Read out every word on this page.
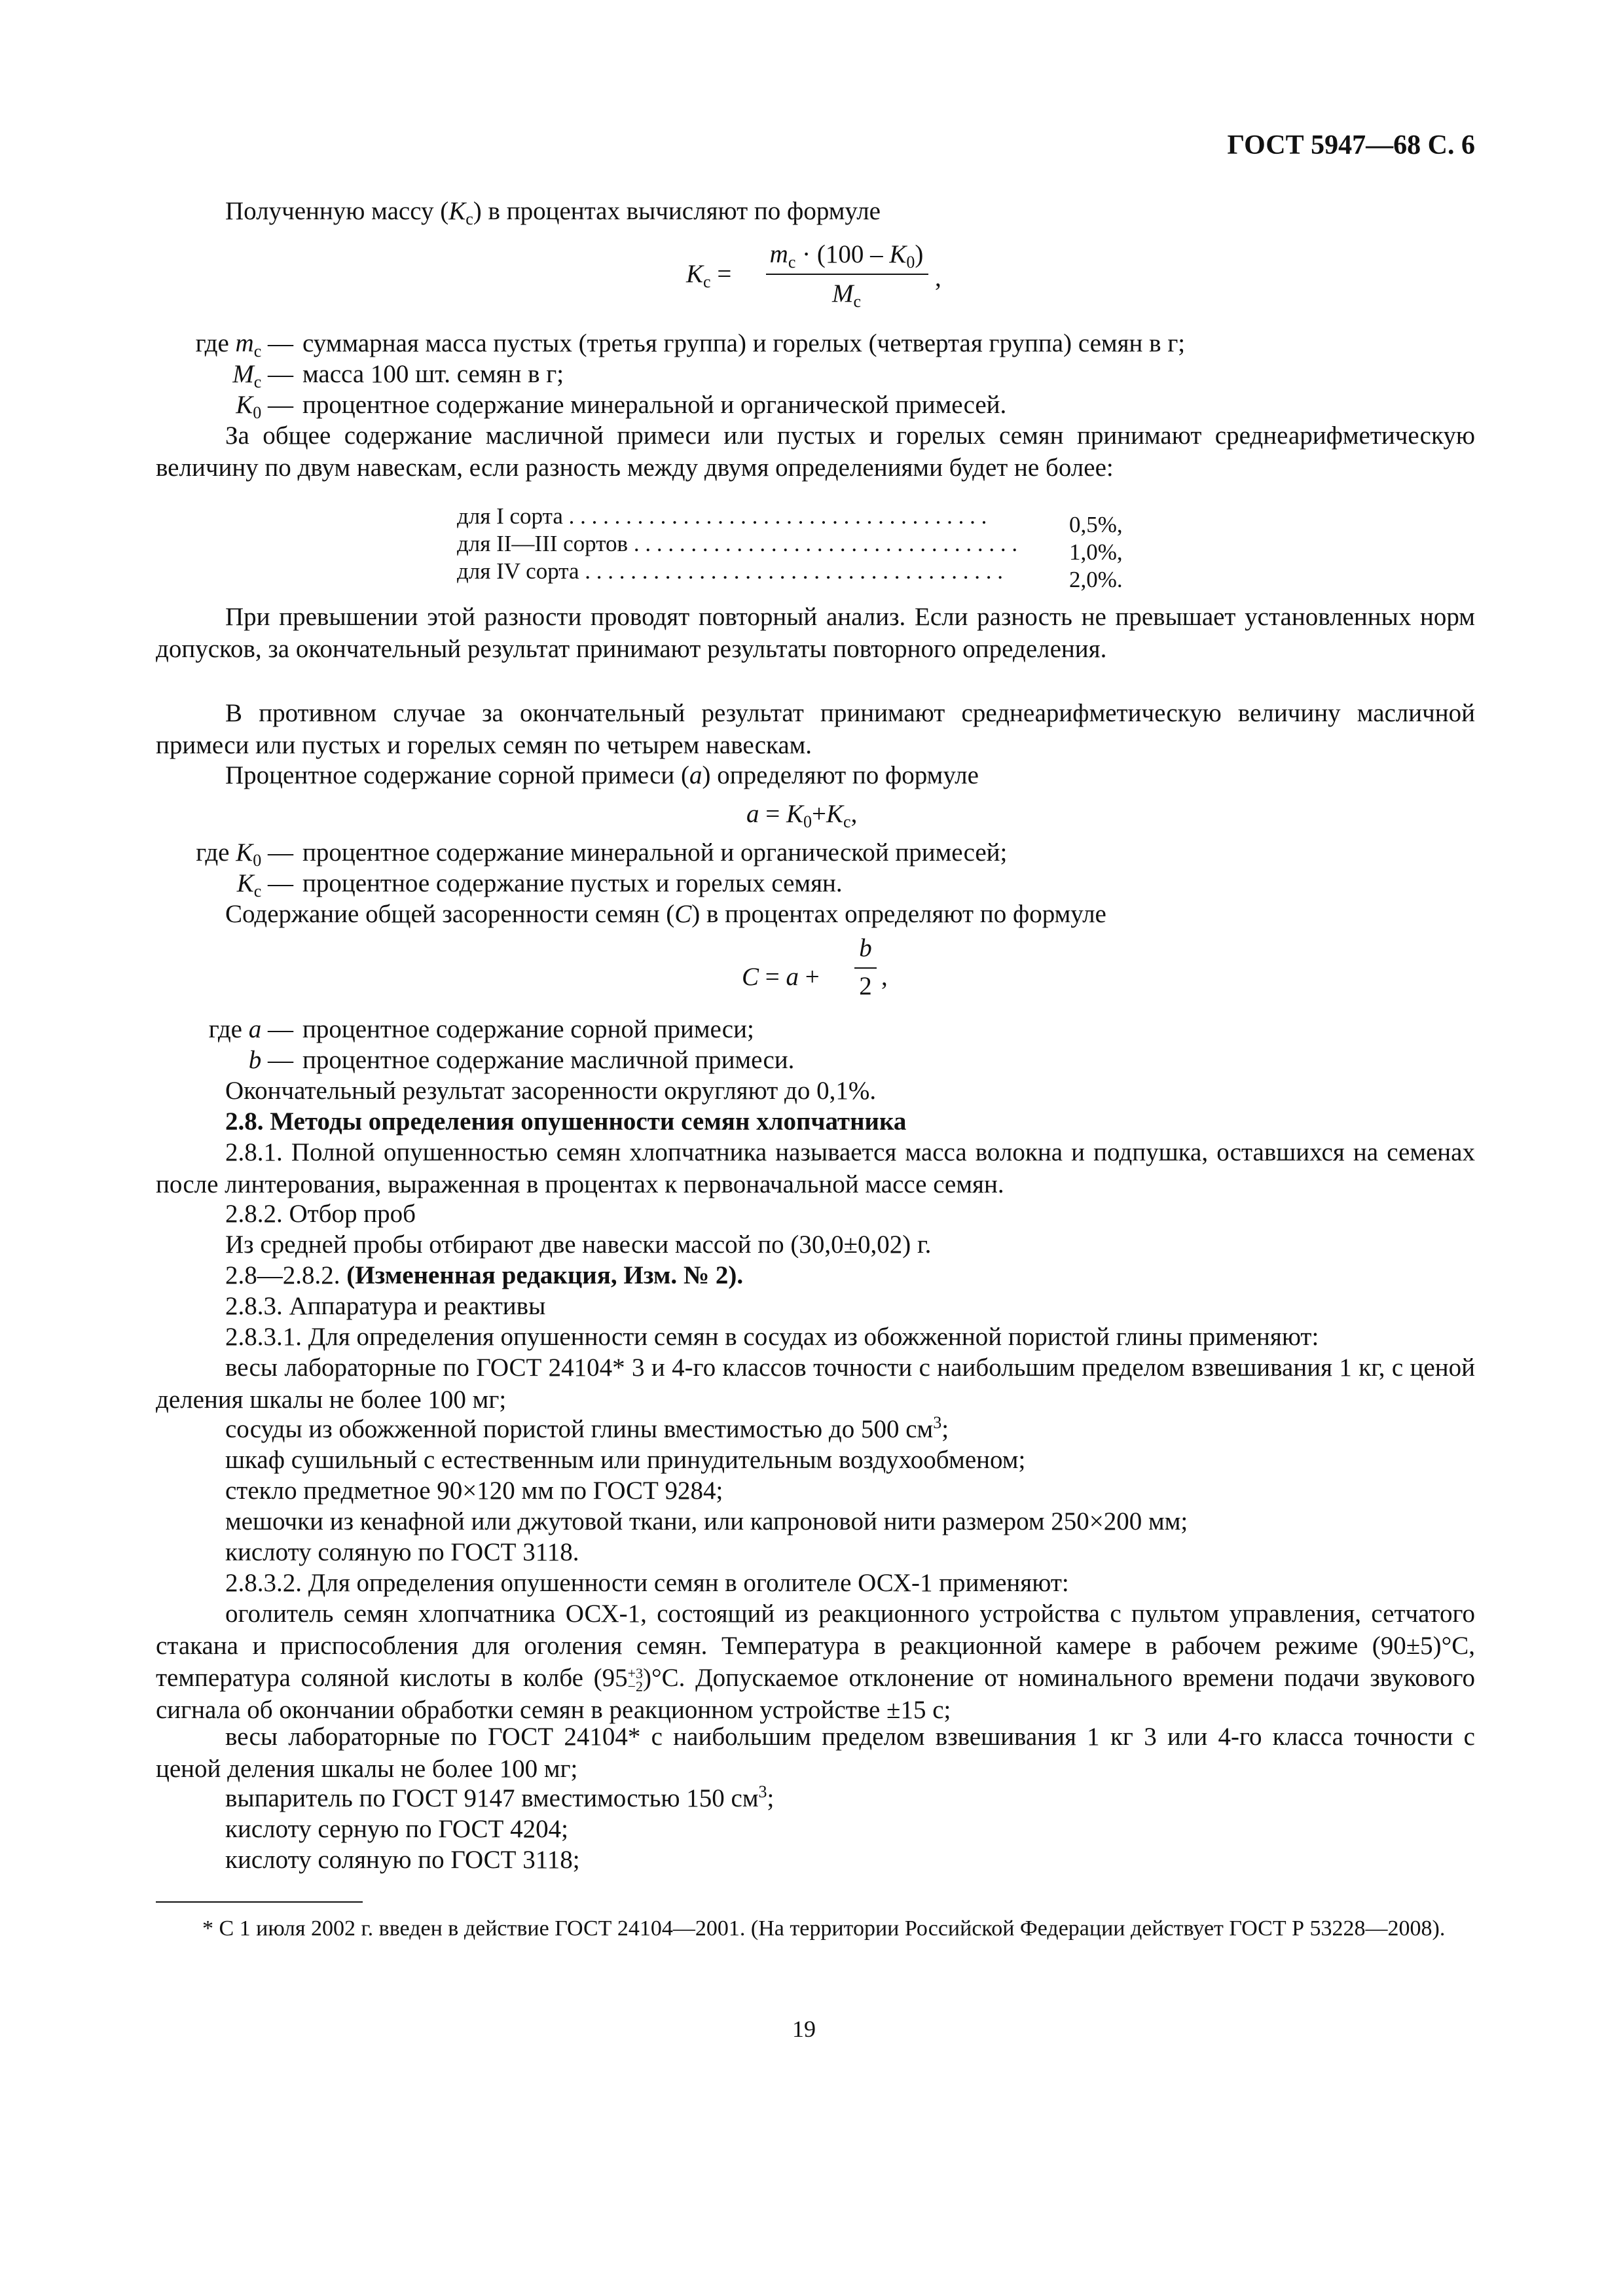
ГОСТ 5947—68 С. 6
Полученную массу $(K_с)$ в процентах вычисляют по формуле
$K_с$ =
$m_с \cdot (100 - K_0)$
$M_с$
,
где $m_с$ — суммарная масса пустых (третья группа) и горелых (четвертая группа) семян в г;
$M_с$ — масса 100 шт. семян в г;
$K_0$ — процентное содержание минеральной и органической примесей.
За общее содержание масличной примеси или пустых и горелых семян принимают среднеарифметическую величину по двум навескам, если разность между двумя определениями будет не более:
для I сорта . . . . . . . . . . . . . . . . . . . . . . . . . . . . . . . . . . . . .	0,5%,
для II—III сортов . . . . . . . . . . . . . . . . . . . . . . . . . . . . . . . . . . 1,0%,
для IV сорта . . . . . . . . . . . . . . . . . . . . . . . . . . . . . . . . . . . . .	2,0%.
При превышении этой разности проводят повторный анализ. Если разность не превышает установленных норм допусков, за окончательный результат принимают результаты повторного определения.
В противном случае за окончательный результат принимают среднеарифметическую величину масличной примеси или пустых и горелых семян по четырем навескам.
Процентное содержание сорной примеси (a) определяют по формуле
$a = K_0+K_с$,
где $K_0$ — процентное содержание минеральной и органической примесей;
$K_с$ — процентное содержание пустых и горелых семян.
Содержание общей засоренности семян (C) в процентах определяют по формуле
C = a +
b
2 ,
где a — процентное содержание сорной примеси;
b — процентное содержание масличной примеси.
Окончательный результат засоренности округляют до 0,1%.
2.8. Методы определения опушенности семян хлопчатника
2.8.1. Полной опушенностью семян хлопчатника называется масса волокна и подпушка, оставшихся на семенах после линтерования, выраженная в процентах к первоначальной массе семян.
2.8.2. Отбор проб
Из средней пробы отбирают две навески массой по (30,0±0,02) г.
2.8—2.8.2. (Измененная редакция, Изм. № 2).
2.8.3. Аппаратура и реактивы
2.8.3.1. Для определения опушенности семян в сосудах из обожженной пористой глины применяют:
весы лабораторные по ГОСТ 24104* 3 и 4-го классов точности с наибольшим пределом взвешивания 1 кг, с ценой деления шкалы не более 100 мг;
сосуды из обожженной пористой глины вместимостью до 500 $см^3$;
шкаф сушильный с естественным или принудительным воздухообменом;
стекло предметное 90×120 мм по ГОСТ 9284;
мешочки из кенафной или джутовой ткани, или капроновой нити размером 250×200 мм;
кислоту соляную по ГОСТ 3118.
2.8.3.2. Для определения опушенности семян в оголителе ОСХ-1 применяют:
оголитель семян хлопчатника ОСХ-1, состоящий из реакционного устройства с пультом управления, сетчатого стакана и приспособления для оголения семян. Температура в реакционной камере в рабочем режиме (90±5)°С, температура соляной кислоты в колбе (95 +3
−2 )°С. Допускаемое отклонение от номинального времени подачи звукового сигнала об окончании обработки семян в реакционном устройстве ±15 с;
весы лабораторные по ГОСТ 24104* с наибольшим пределом взвешивания 1 кг 3 или 4-го класса точности с ценой деления шкалы не более 100 мг;
выпаритель по ГОСТ 9147 вместимостью 150 $см^3$;
кислоту серную по ГОСТ 4204;
кислоту соляную по ГОСТ 3118;
* С 1 июля 2002 г. введен в действие ГОСТ 24104—2001. (На территории Российской Федерации действует ГОСТ Р 53228—2008).
19
